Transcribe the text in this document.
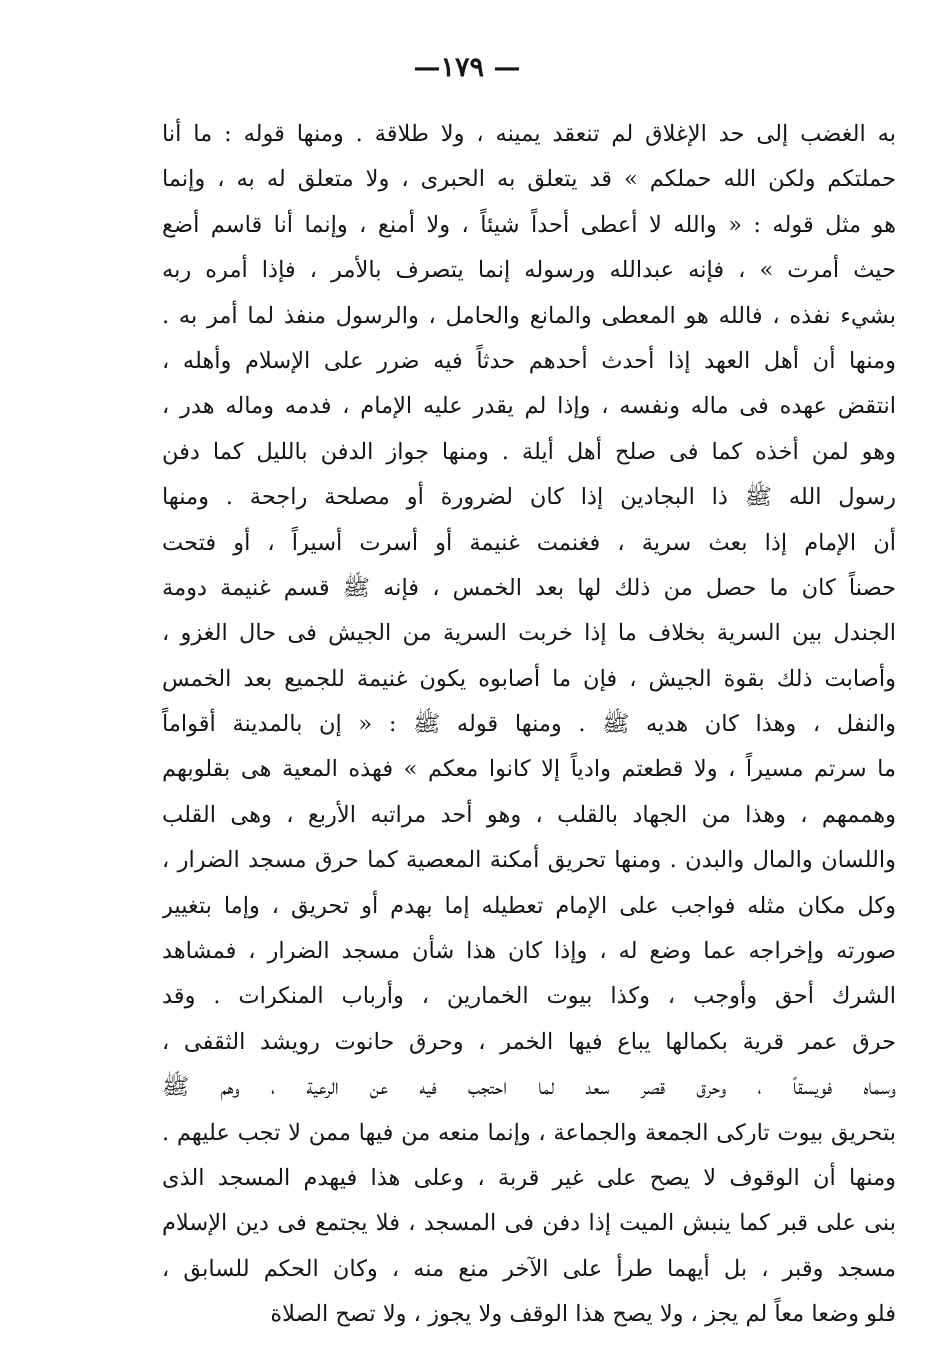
—١٧٩ —
به الغضب إلى حد الإغلاق لم تنعقد يمينه ، ولا طلاقة . ومنها قوله : ما أنا
حملتكم ولكن الله حملكم » قد يتعلق به الحبرى ، ولا متعلق له به ، وإنما
هو مثل قوله : « والله لا أعطى أحداً شيئاً ، ولا أمنع ، وإنما أنا قاسم أضع
حيث أمرت » ، فإنه عبدالله ورسوله إنما يتصرف بالأمر ، فإذا أمره ربه
بشيء نفذه ، فالله هو المعطى والمانع والحامل ، والرسول منفذ لما أمر به .
ومنها أن أهل العهد إذا أحدث أحدهم حدثاً فيه ضرر على الإسلام وأهله ،
انتقض عهده فى ماله ونفسه ، وإذا لم يقدر عليه الإمام ، فدمه وماله هدر ،
وهو لمن أخذه كما فى صلح أهل أيلة . ومنها جواز الدفن بالليل كما دفن
رسول الله ﷺ ذا البجادين إذا كان لضرورة أو مصلحة راجحة . ومنها
أن الإمام إذا بعث سرية ، فغنمت غنيمة أو أسرت أسيراً ، أو فتحت
حصناً كان ما حصل من ذلك لها بعد الخمس ، فإنه ﷺ قسم غنيمة دومة
الجندل بين السرية بخلاف ما إذا خربت السرية من الجيش فى حال الغزو ،
وأصابت ذلك بقوة الجيش ، فإن ما أصابوه يكون غنيمة للجميع بعد الخمس
والنفل ، وهذا كان هديه ﷺ . ومنها قوله ﷺ : « إن بالمدينة أقواماً
ما سرتم مسيراً ، ولا قطعتم وادياً إلا كانوا معكم » فهذه المعية هى بقلوبهم
وهممهم ، وهذا من الجهاد بالقلب ، وهو أحد مراتبه الأربع ، وهى القلب
واللسان والمال والبدن . ومنها تحريق أمكنة المعصية كما حرق مسجد الضرار ،
وكل مكان مثله فواجب على الإمام تعطيله إما بهدم أو تحريق ، وإما بتغيير
صورته وإخراجه عما وضع له ، وإذا كان هذا شأن مسجد الضرار ، فمشاهد
الشرك أحق وأوجب ، وكذا بيوت الخمارين ، وأرباب المنكرات . وقد
حرق عمر قرية بكمالها يباع فيها الخمر ، وحرق حانوت رويشد الثقفى ،
وسماه فويسقاً ، وحرق قصر سعد لما احتجب فيه عن الرعية ، وهم ﷺ
بتحريق بيوت تاركى الجمعة والجماعة ، وإنما منعه من فيها ممن لا تجب عليهم .
ومنها أن الوقوف لا يصح على غير قربة ، وعلى هذا فيهدم المسجد الذى
بنى على قبر كما ينبش الميت إذا دفن فى المسجد ، فلا يجتمع فى دين الإسلام
مسجد وقبر ، بل أيهما طرأ على الآخر منع منه ، وكان الحكم للسابق ،
فلو وضعا معاً لم يجز ، ولا يصح هذا الوقف ولا يجوز ، ولا تصح الصلاة
